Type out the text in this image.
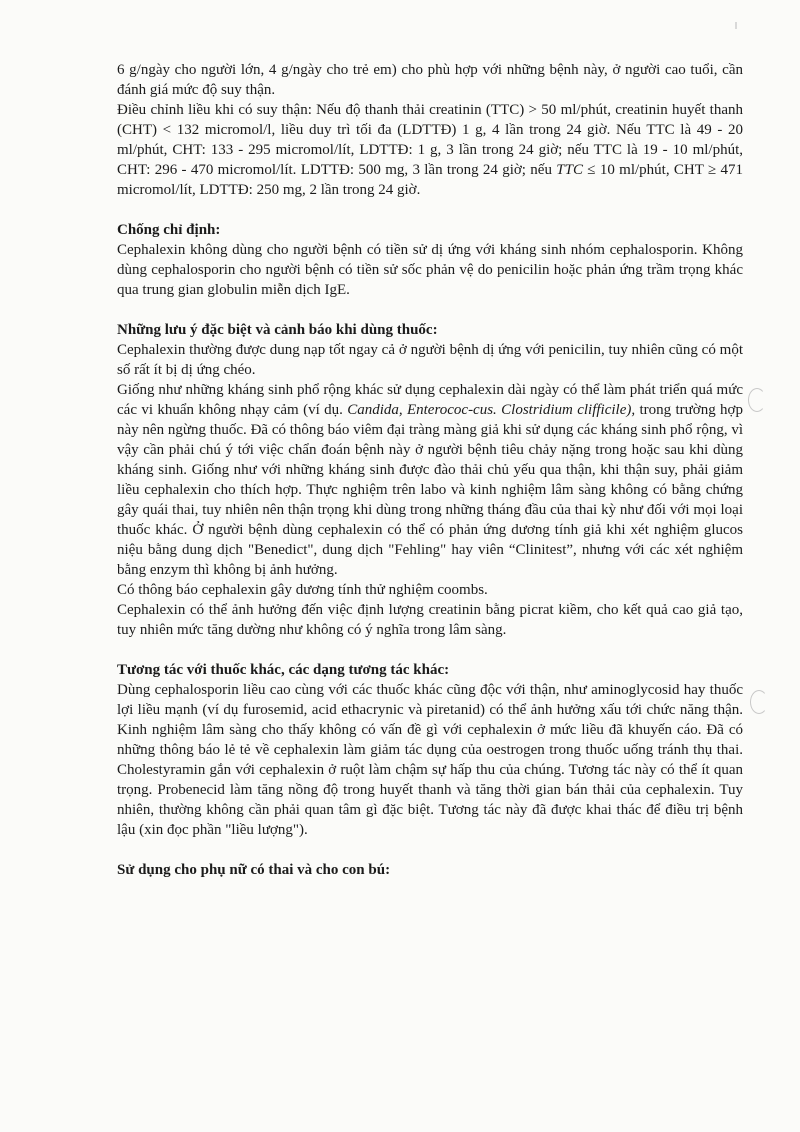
6 g/ngày cho người lớn, 4 g/ngày cho trẻ em) cho phù hợp với những bệnh này, ở người cao tuổi, cần đánh giá mức độ suy thận.

Điều chỉnh liều khi có suy thận: Nếu độ thanh thải creatinin (TTC) > 50 ml/phút, creatinin huyết thanh (CHT) < 132 micromol/l, liều duy trì tối đa (LDTTĐ) 1 g, 4 lần trong 24 giờ. Nếu TTC là 49 - 20 ml/phút, CHT: 133 - 295 micromol/lít, LDTTĐ: 1 g, 3 lần trong 24 giờ; nếu TTC là 19 - 10 ml/phút, CHT: 296 - 470 micromol/lít. LDTTĐ: 500 mg, 3 lần trong 24 giờ; nếu TTC ≤ 10 ml/phút, CHT ≥ 471 micromol/lít, LDTTĐ: 250 mg, 2 lần trong 24 giờ.

Chống chỉ định:

Cephalexin không dùng cho người bệnh có tiền sử dị ứng với kháng sinh nhóm cephalosporin. Không dùng cephalosporin cho người bệnh có tiền sử sốc phản vệ do penicilin hoặc phản ứng trầm trọng khác qua trung gian globulin miễn dịch IgE.

Những lưu ý đặc biệt và cảnh báo khi dùng thuốc:

Cephalexin thường được dung nạp tốt ngay cả ở người bệnh dị ứng với penicilin, tuy nhiên cũng có một số rất ít bị dị ứng chéo.

Giống như những kháng sinh phổ rộng khác sử dụng cephalexin dài ngày có thể làm phát triển quá mức các vi khuẩn không nhạy cảm (ví dụ. Candida, Enterococ-cus. Clostridium clifficile), trong trường hợp này nên ngừng thuốc. Đã có thông báo viêm đại tràng màng giả khi sử dụng các kháng sinh phổ rộng, vì vậy cần phải chú ý tới việc chẩn đoán bệnh này ở người bệnh tiêu chảy nặng trong hoặc sau khi dùng kháng sinh. Giống như với những kháng sinh được đào thải chủ yếu qua thận, khi thận suy, phải giảm liều cephalexin cho thích hợp. Thực nghiệm trên labo và kinh nghiệm lâm sàng không có bằng chứng gây quái thai, tuy nhiên nên thận trọng khi dùng trong những tháng đầu của thai kỳ như đối với mọi loại thuốc khác. Ở người bệnh dùng cephalexin có thể có phản ứng dương tính giả khi xét nghiệm glucos niệu bằng dung dịch "Benedict", dung dịch "Fehling" hay viên “Clinitest”, nhưng với các xét nghiệm bằng enzym thì không bị ảnh hưởng.

Có thông báo cephalexin gây dương tính thử nghiệm coombs.

Cephalexin có thể ảnh hưởng đến việc định lượng creatinin bằng picrat kiềm, cho kết quả cao giả tạo, tuy nhiên mức tăng dường như không có ý nghĩa trong lâm sàng.

Tương tác với thuốc khác, các dạng tương tác khác:

Dùng cephalosporin liều cao cùng với các thuốc khác cũng độc với thận, như aminoglycosid hay thuốc lợi liều mạnh (ví dụ furosemid, acid ethacrynic và piretanid) có thể ảnh hưởng xấu tới chức năng thận. Kinh nghiệm lâm sàng cho thấy không có vấn đề gì với cephalexin ở mức liều đã khuyến cáo. Đã có những thông báo lẻ tẻ về cephalexin làm giảm tác dụng của oestrogen trong thuốc uống tránh thụ thai. Cholestyramin gắn với cephalexin ở ruột làm chậm sự hấp thu của chúng. Tương tác này có thể ít quan trọng. Probenecid làm tăng nồng độ trong huyết thanh và tăng thời gian bán thải của cephalexin. Tuy nhiên, thường không cần phải quan tâm gì đặc biệt. Tương tác này đã được khai thác để điều trị bệnh lậu (xin đọc phần "liều lượng").

Sử dụng cho phụ nữ có thai và cho con bú:
